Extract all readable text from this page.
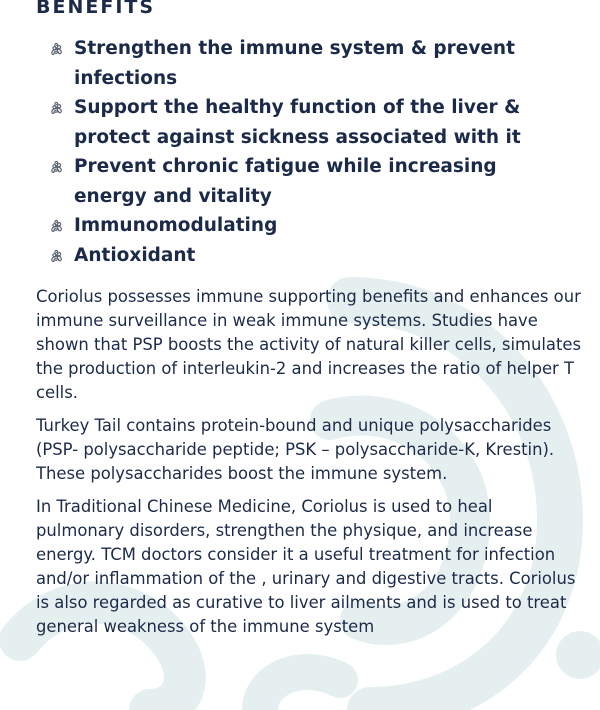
BENEFITS
Strengthen the immune system & prevent infections
Support the healthy function of the liver & protect against sickness associated with it
Prevent chronic fatigue while increasing energy and vitality
Immunomodulating
Antioxidant

Coriolus possesses immune supporting benefits and enhances our immune surveillance in weak immune systems. Studies have shown that PSP boosts the activity of natural killer cells, simulates the production of interleukin-2 and increases the ratio of helper T cells.

Turkey Tail contains protein-bound and unique polysaccharides (PSP- polysaccharide peptide; PSK – polysaccharide-K, Krestin). These polysaccharides boost the immune system.

In Traditional Chinese Medicine, Coriolus is used to heal pulmonary disorders, strengthen the physique, and increase energy. TCM doctors consider it a useful treatment for infection and/or inflammation of the , urinary and digestive tracts. Coriolus is also regarded as curative to liver ailments and is used to treat general weakness of the immune system
